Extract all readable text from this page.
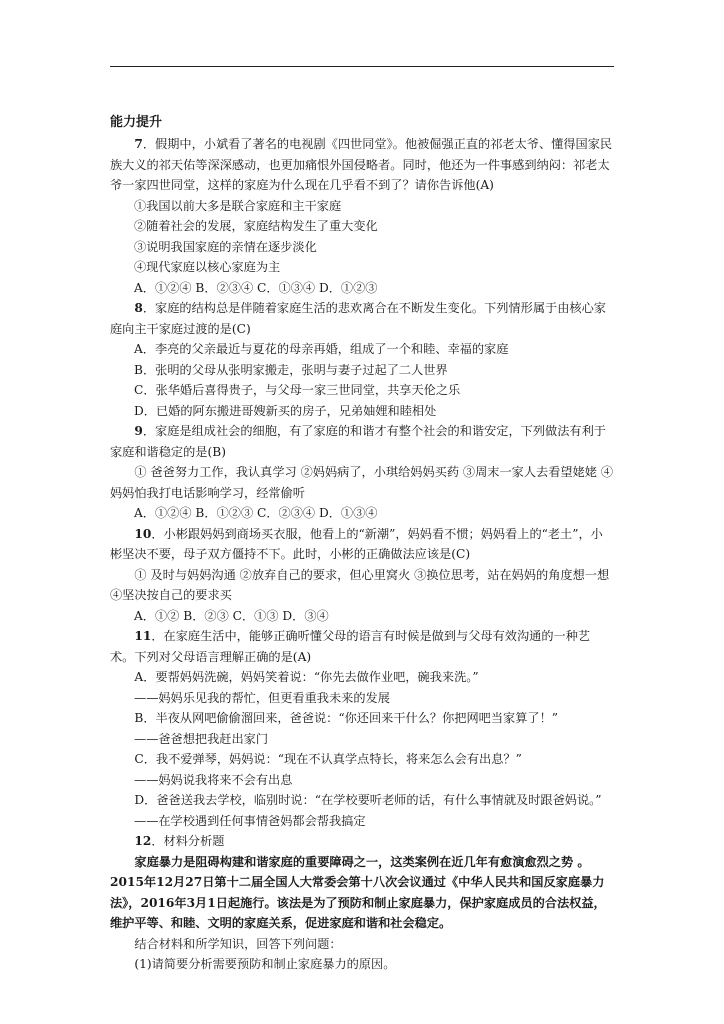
能力提升

7．假期中，小斌看了著名的电视剧《四世同堂》。他被倔强正直的祁老太爷、懂得国家民族大义的祁天佑等深深感动，也更加痛恨外国侵略者。同时，他还为一件事感到纳闷：祁老太爷一家四世同堂，这样的家庭为什么现在几乎看不到了？请你告诉他(A)

①我国以前大多是联合家庭和主干家庭

②随着社会的发展，家庭结构发生了重大变化

③说明我国家庭的亲情在逐步淡化

④现代家庭以核心家庭为主

A．①②④ B．②③④ C．①③④ D．①②③

8．家庭的结构总是伴随着家庭生活的悲欢离合在不断发生变化。下列情形属于由核心家庭向主干家庭过渡的是(C)

A．李亮的父亲最近与夏花的母亲再婚，组成了一个和睦、幸福的家庭

B．张明的父母从张明家搬走，张明与妻子过起了二人世界

C．张华婚后喜得贵子，与父母一家三世同堂，共享天伦之乐

D．已婚的阿东搬进哥嫂新买的房子，兄弟妯娌和睦相处

9．家庭是组成社会的细胞，有了家庭的和谐才有整个社会的和谐安定，下列做法有利于家庭和谐稳定的是(B)

① 爸爸努力工作，我认真学习 ②妈妈病了，小琪给妈妈买药 ③周末一家人去看望姥姥 ④妈妈怕我打电话影响学习，经常偷听

A．①②④ B．①②③ C．②③④ D．①③④

10．小彬跟妈妈到商场买衣服，他看上的“新潮”，妈妈看不惯；妈妈看上的“老土”，小彬坚决不要，母子双方僵持不下。此时，小彬的正确做法应该是(C)

① 及时与妈妈沟通 ②放弃自己的要求，但心里窝火 ③换位思考，站在妈妈的角度想一想 ④坚决按自己的要求买

A．①② B．②③ C．①③ D．③④

11．在家庭生活中，能够正确听懂父母的语言有时候是做到与父母有效沟通的一种艺术。下列对父母语言理解正确的是(A)

A．要帮妈妈洗碗，妈妈笑着说：“你先去做作业吧，碗我来洗。”

——妈妈乐见我的帮忙，但更看重我未来的发展

B．半夜从网吧偷偷溜回来，爸爸说：“你还回来干什么？你把网吧当家算了！”

——爸爸想把我赶出家门

C．我不爱弹琴，妈妈说：“现在不认真学点特长，将来怎么会有出息？”

——妈妈说我将来不会有出息

D．爸爸送我去学校，临别时说：“在学校要听老师的话，有什么事情就及时跟爸妈说。”

——在学校遇到任何事情爸妈都会帮我搞定

12．材料分析题

家庭暴力是阻碍构建和谐家庭的重要障碍之一，这类案例在近几年有愈演愈烈之势 。2015年12月27日第十二届全国人大常委会第十八次会议通过《中华人民共和国反家庭暴力法》，2016年3月1日起施行。该法是为了预防和制止家庭暴力，保护家庭成员的合法权益，维护平等、和睦、文明的家庭关系，促进家庭和谐和社会稳定。

结合材料和所学知识，回答下列问题：

(1)请简要分析需要预防和制止家庭暴力的原因。
